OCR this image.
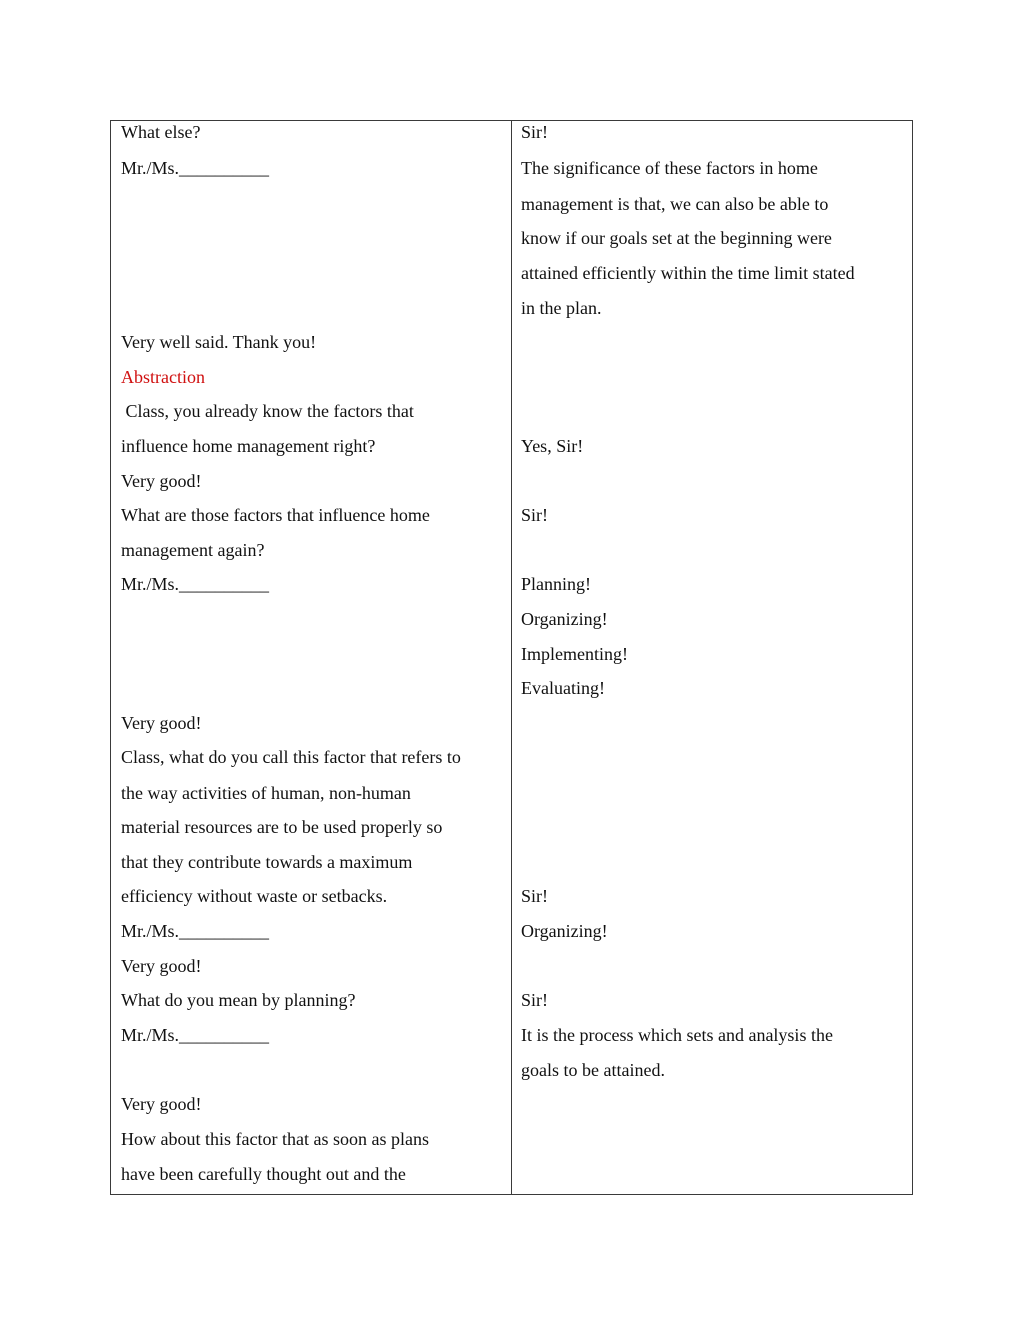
What else?
Mr./Ms.__________
Very well said. Thank you!
Abstraction
Class, you already know the factors that
influence home management right?
Very good!
What are those factors that influence home
management again?
Mr./Ms.__________
Very good!
Class, what do you call this factor that refers to
the way activities of human, non-human
material resources are to be used properly so
that they contribute towards a maximum
efficiency without waste or setbacks.
Mr./Ms.__________
Very good!
What do you mean by planning?
Mr./Ms.__________
Very good!
How about this factor that as soon as plans
have been carefully thought out and the
Sir!
The significance of these factors in home
management is that, we can also be able to
know if our goals set at the beginning were
attained efficiently within the time limit stated
in the plan.
Yes, Sir!
Sir!
Planning!
Organizing!
Implementing!
Evaluating!
Sir!
Organizing!
Sir!
It is the process which sets and analysis the
goals to be attained.
